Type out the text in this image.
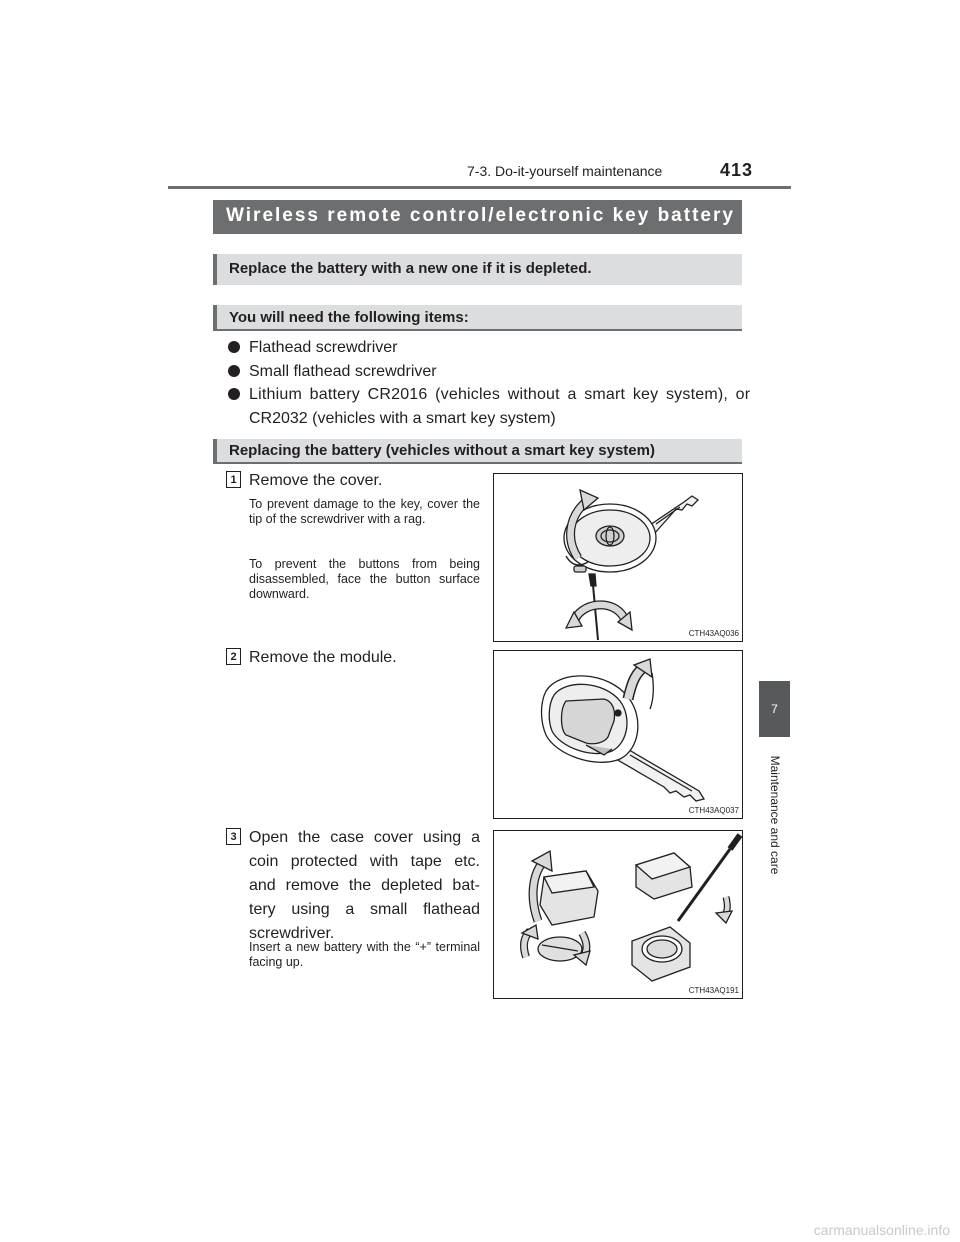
7-3. Do-it-yourself maintenance	413
7
Maintenance and care
Wireless remote control/electronic key battery
Replace the battery with a new one if it is depleted.
You will need the following items:
Flathead screwdriver
Small flathead screwdriver
Lithium battery CR2016 (vehicles without a smart key system), or
CR2032 (vehicles with a smart key system)
Replacing the battery (vehicles without a smart key system)
1 Remove the cover.
To prevent damage to the key, cover the tip of the screwdriver with a rag.
To prevent the buttons from being disassembled, face the button surface downward.
CTH43AQ036
2 Remove the module.
CTH43AQ037
3 Open the case cover using a
coin protected with tape etc.
and remove the depleted bat-
tery using a small flathead
screwdriver.
Insert a new battery with the “+” terminal facing up.
CTH43AQ191
carmanualsonline.info
